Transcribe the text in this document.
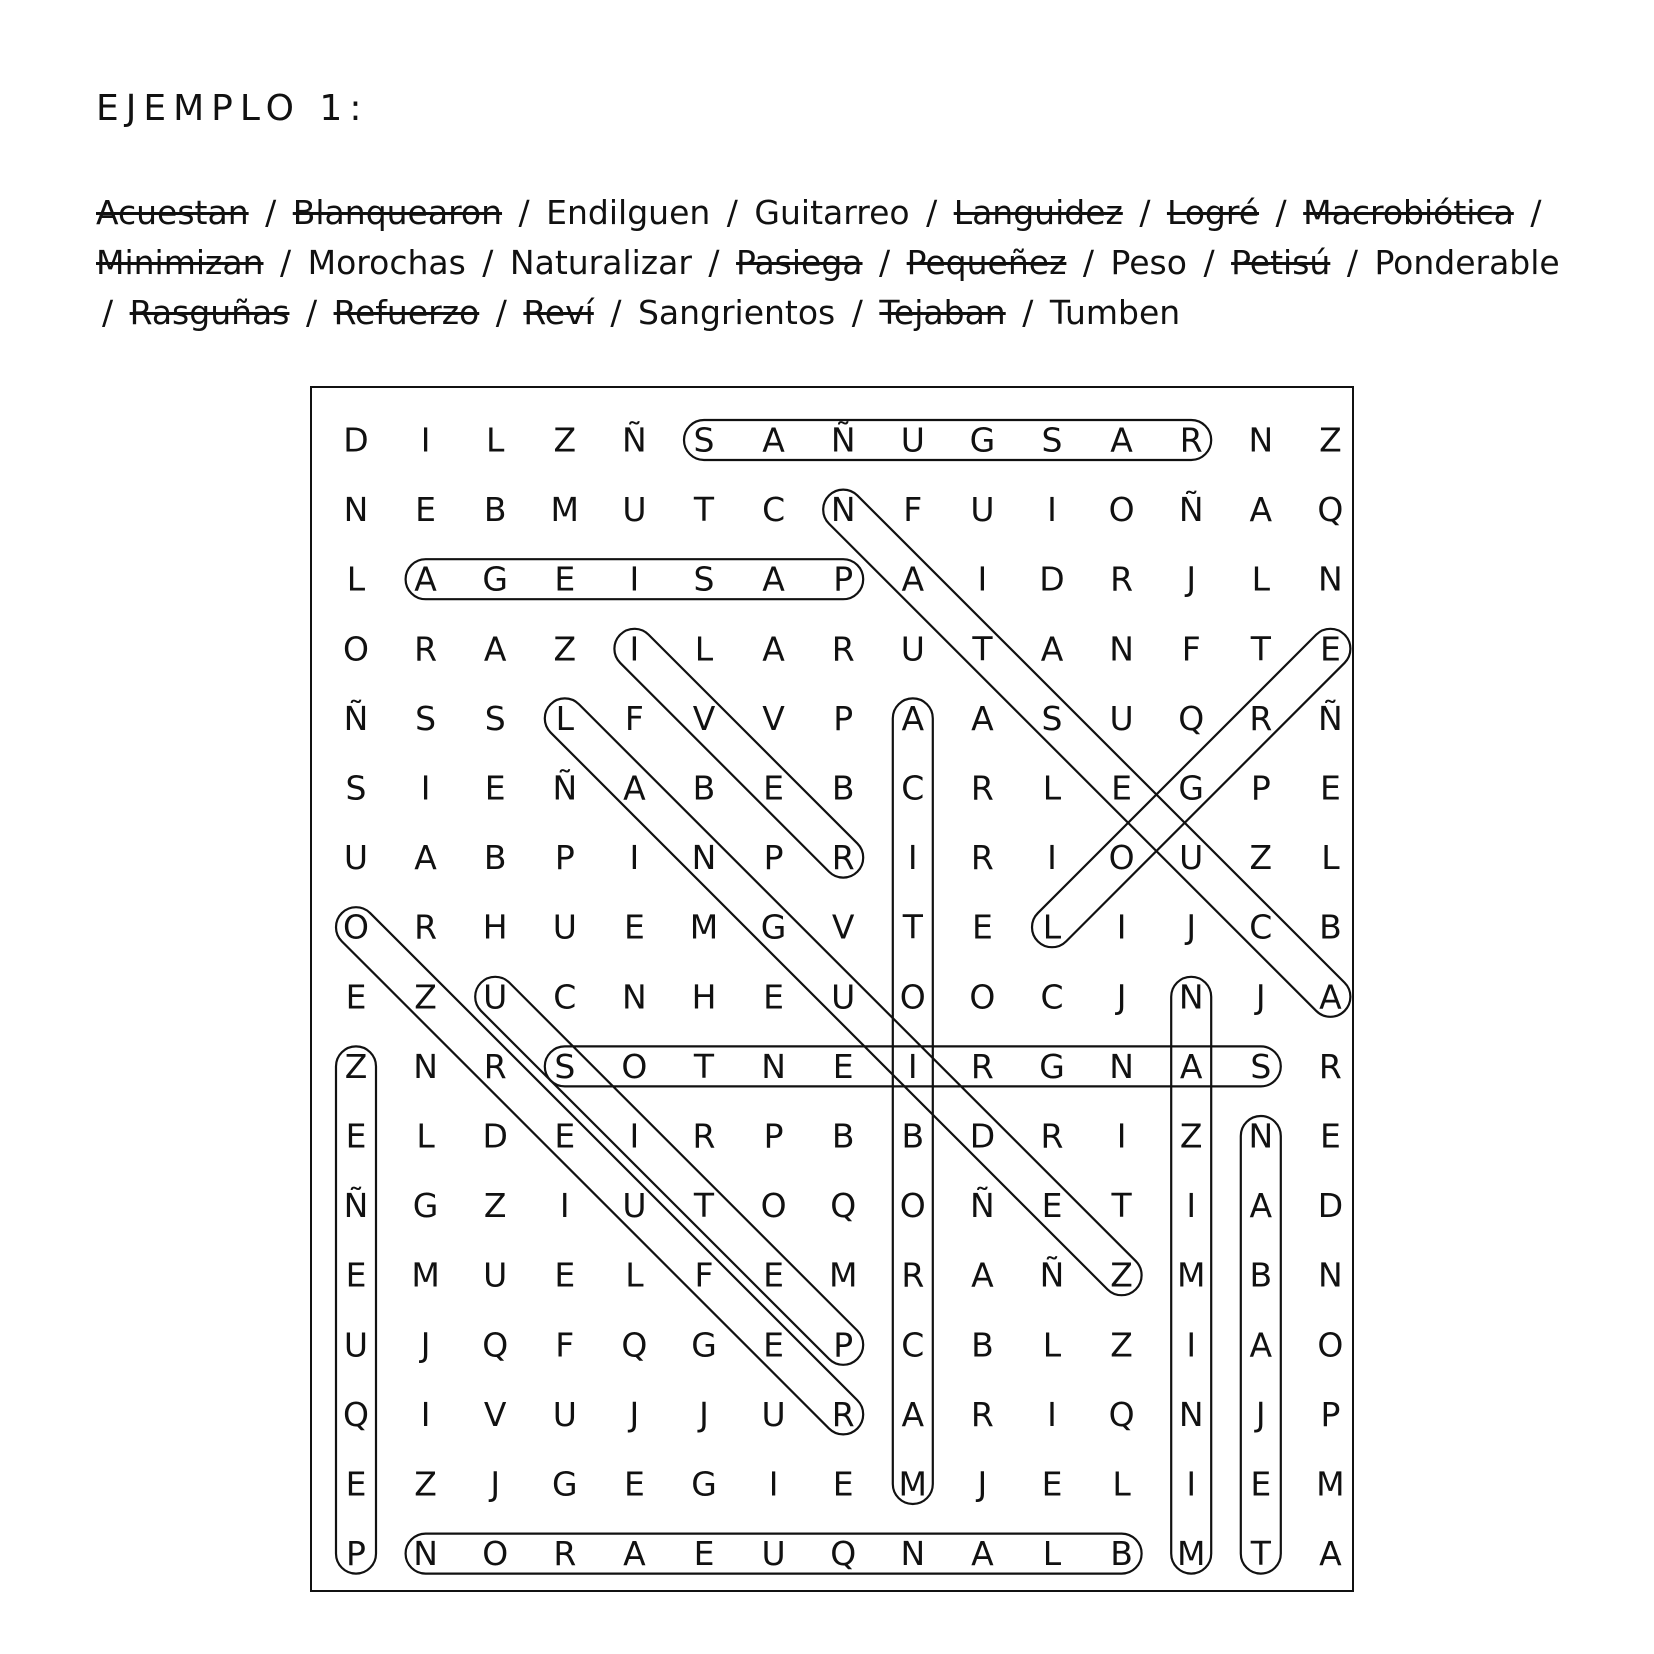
EJEMPLO 1:
Acuestan / Blanquearon / Endilguen / Guitarreo / Languidez / Logré / Macrobiótica / Minimizan / Morochas / Naturalizar / Pasiega / Pequeñez / Peso / Petisú / Ponderable / Rasguñas / Refuerzo / Reví / Sangrientos / Tejaban / Tumben
D I L Z Ñ S A Ñ U G S A R N Z
N E B M U T C N F U I O Ñ A Q
L A G E I S A P A I D R J L N
O R A Z I L A R U T A N F T E
Ñ S S L F V V P A A S U Q R Ñ
S I E Ñ A B E B C R L E G P E
U A B P I N P R I R I O U Z L
O R H U E M G V T E L I J C B
E Z U C N H E U O O C J N J A
Z N R S O T N E I R G N A S R
E L D E I R P B B D R I Z N E
Ñ G Z I U T O Q O Ñ E T I A D
E M U E L F E M R A Ñ Z M B N
U J Q F Q G E P C B L Z I A O
Q I V U J J U R A R I Q N J P
E Z J G E G I E M J E L I E M
P N O R A E U Q N A L B M T A
